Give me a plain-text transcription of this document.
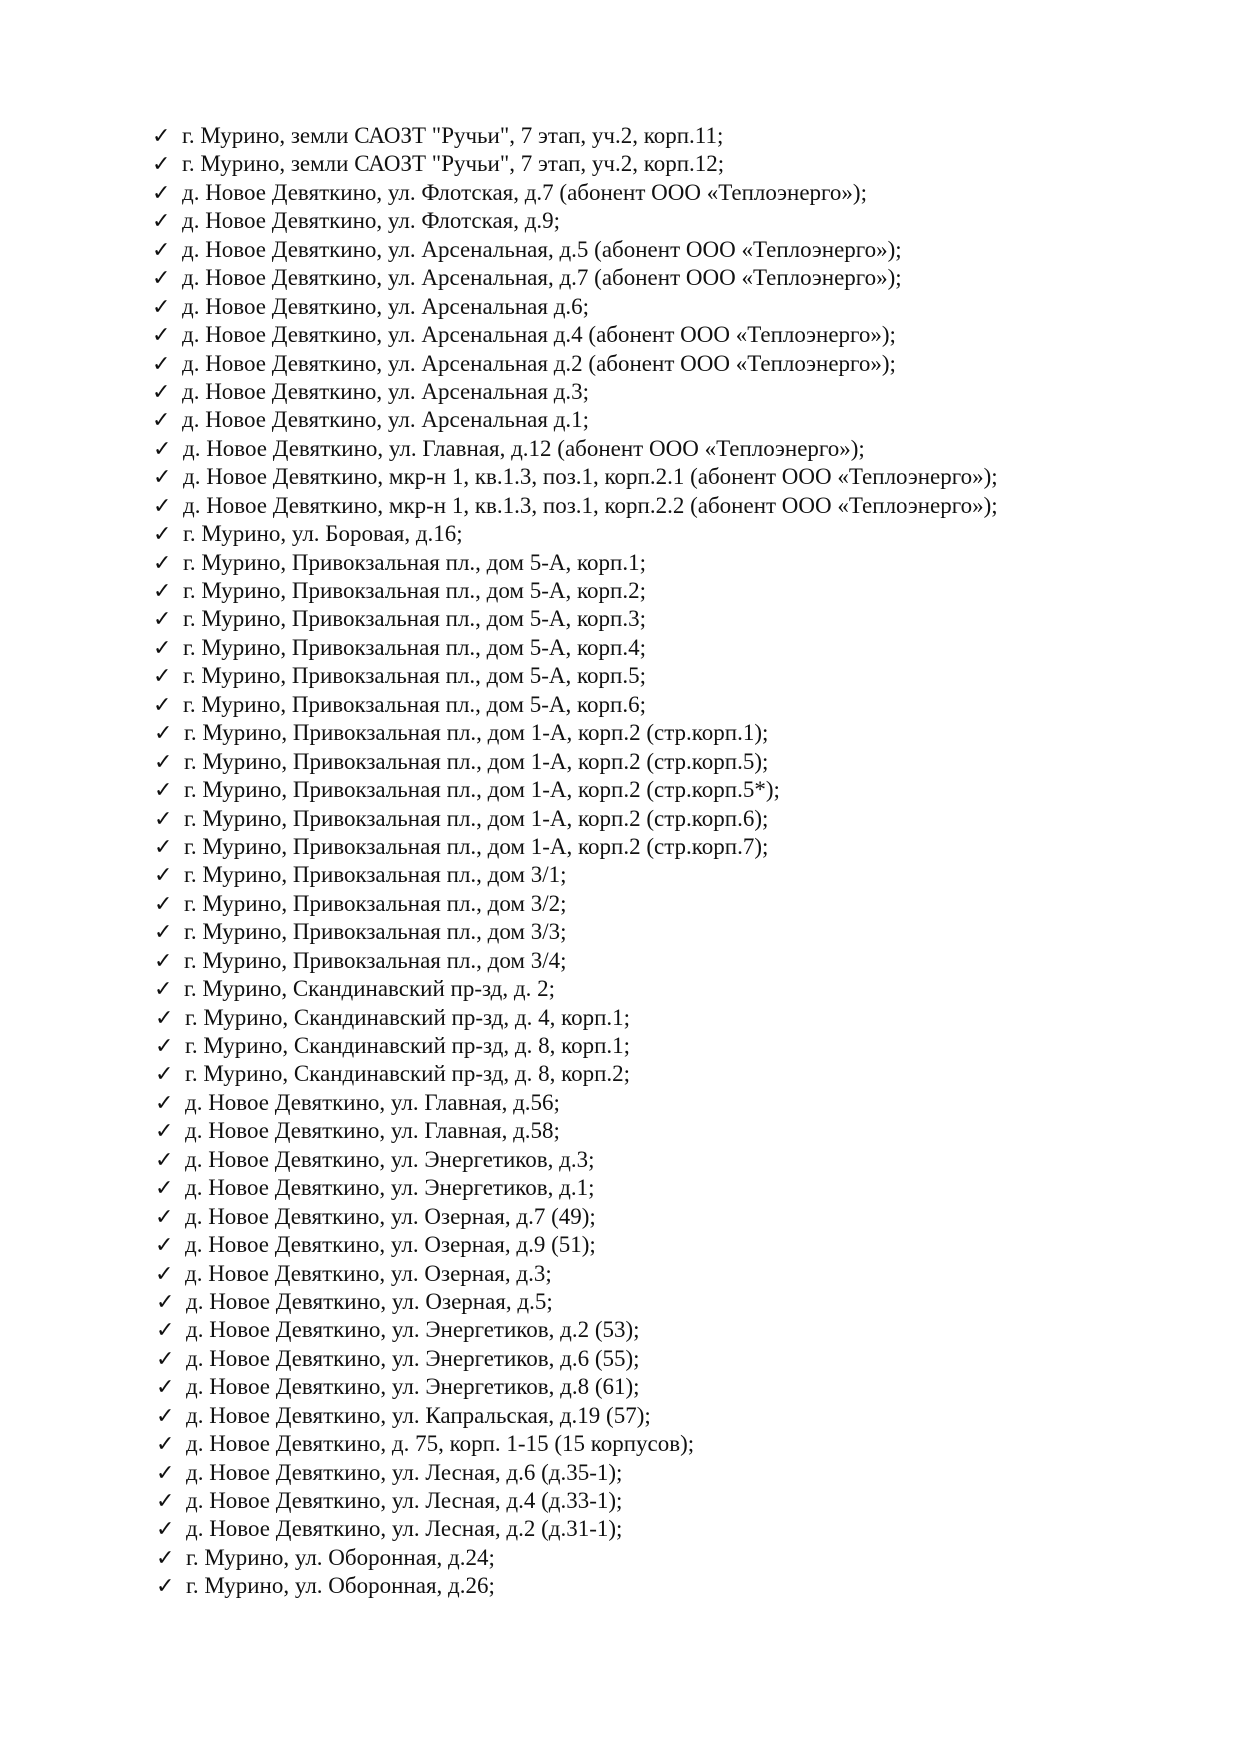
✓ г. Мурино, земли САОЗТ "Ручьи", 7 этап, уч.2, корп.11;
✓ г. Мурино, земли САОЗТ "Ручьи", 7 этап, уч.2, корп.12;
✓ д. Новое Девяткино, ул. Флотская, д.7 (абонент ООО «Теплоэнерго»);
✓ д. Новое Девяткино, ул. Флотская, д.9;
✓ д. Новое Девяткино, ул. Арсенальная, д.5 (абонент ООО «Теплоэнерго»);
✓ д. Новое Девяткино, ул. Арсенальная, д.7 (абонент ООО «Теплоэнерго»);
✓ д. Новое Девяткино, ул. Арсенальная д.6;
✓ д. Новое Девяткино, ул. Арсенальная д.4 (абонент ООО «Теплоэнерго»);
✓ д. Новое Девяткино, ул. Арсенальная д.2 (абонент ООО «Теплоэнерго»);
✓ д. Новое Девяткино, ул. Арсенальная д.3;
✓ д. Новое Девяткино, ул. Арсенальная д.1;
✓ д. Новое Девяткино, ул. Главная, д.12 (абонент ООО «Теплоэнерго»);
✓ д. Новое Девяткино, мкр-н 1, кв.1.3, поз.1, корп.2.1 (абонент ООО «Теплоэнерго»);
✓ д. Новое Девяткино, мкр-н 1, кв.1.3, поз.1, корп.2.2 (абонент ООО «Теплоэнерго»);
✓ г. Мурино, ул. Боровая, д.16;
✓ г. Мурино, Привокзальная пл., дом 5-А, корп.1;
✓ г. Мурино, Привокзальная пл., дом 5-А, корп.2;
✓ г. Мурино, Привокзальная пл., дом 5-А, корп.3;
✓ г. Мурино, Привокзальная пл., дом 5-А, корп.4;
✓ г. Мурино, Привокзальная пл., дом 5-А, корп.5;
✓ г. Мурино, Привокзальная пл., дом 5-А, корп.6;
✓ г. Мурино, Привокзальная пл., дом 1-А, корп.2 (стр.корп.1);
✓ г. Мурино, Привокзальная пл., дом 1-А, корп.2 (стр.корп.5);
✓ г. Мурино, Привокзальная пл., дом 1-А, корп.2 (стр.корп.5*);
✓ г. Мурино, Привокзальная пл., дом 1-А, корп.2 (стр.корп.6);
✓ г. Мурино, Привокзальная пл., дом 1-А, корп.2 (стр.корп.7);
✓ г. Мурино, Привокзальная пл., дом 3/1;
✓ г. Мурино, Привокзальная пл., дом 3/2;
✓ г. Мурино, Привокзальная пл., дом 3/3;
✓ г. Мурино, Привокзальная пл., дом 3/4;
✓ г. Мурино, Скандинавский пр-зд, д. 2;
✓ г. Мурино, Скандинавский пр-зд, д. 4, корп.1;
✓ г. Мурино, Скандинавский пр-зд, д. 8, корп.1;
✓ г. Мурино, Скандинавский пр-зд, д. 8, корп.2;
✓ д. Новое Девяткино, ул. Главная, д.56;
✓ д. Новое Девяткино, ул. Главная, д.58;
✓ д. Новое Девяткино, ул. Энергетиков, д.3;
✓ д. Новое Девяткино, ул. Энергетиков, д.1;
✓ д. Новое Девяткино, ул. Озерная, д.7 (49);
✓ д. Новое Девяткино, ул. Озерная, д.9 (51);
✓ д. Новое Девяткино, ул. Озерная, д.3;
✓ д. Новое Девяткино, ул. Озерная, д.5;
✓ д. Новое Девяткино, ул. Энергетиков, д.2 (53);
✓ д. Новое Девяткино, ул. Энергетиков, д.6 (55);
✓ д. Новое Девяткино, ул. Энергетиков, д.8 (61);
✓ д. Новое Девяткино, ул. Капральская, д.19 (57);
✓ д. Новое Девяткино, д. 75, корп. 1-15 (15 корпусов);
✓ д. Новое Девяткино, ул. Лесная, д.6 (д.35-1);
✓ д. Новое Девяткино, ул. Лесная, д.4 (д.33-1);
✓ д. Новое Девяткино, ул. Лесная, д.2 (д.31-1);
✓ г. Мурино, ул. Оборонная, д.24;
✓ г. Мурино, ул. Оборонная, д.26;
